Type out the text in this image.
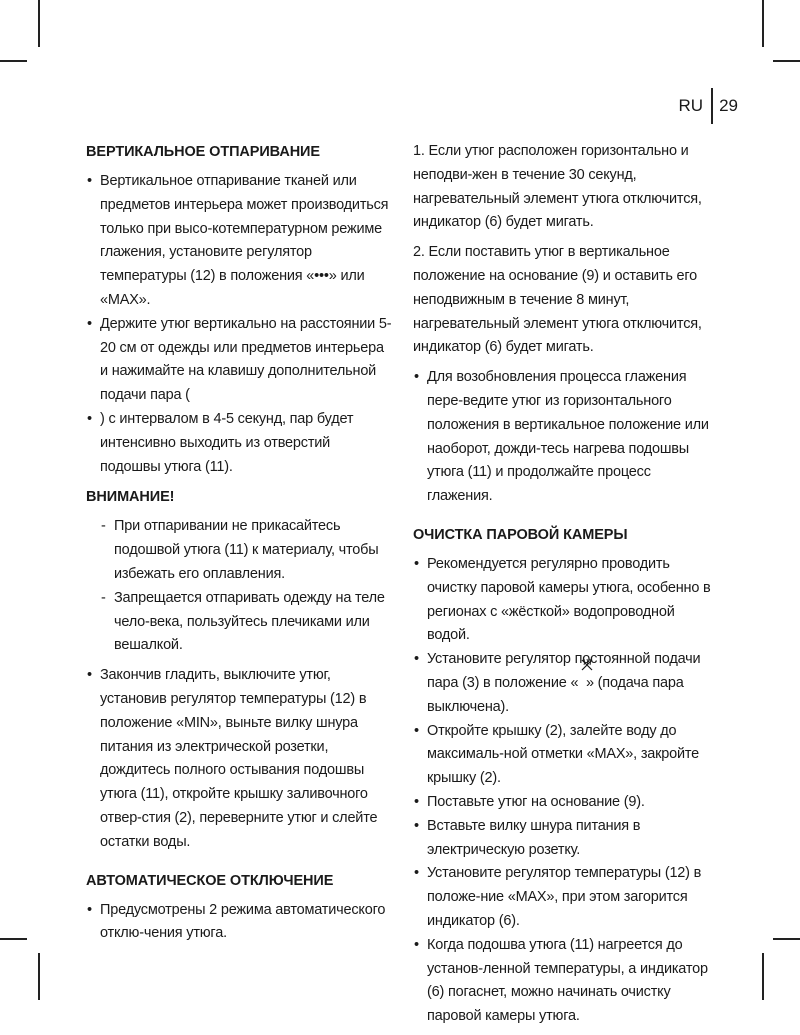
RU 29
ВЕРТИКАЛЬНОЕ ОТПАРИВАНИЕ
• Вертикальное отпаривание тканей или предметов интерьера может производиться только при высо-котемпературном режиме глажения, установите регулятор температуры (12) в положения «•••» или «MAX».
• Держите утюг вертикально на расстоянии 5-20 см от одежды или предметов интерьера и нажимайте на клавишу дополнительной подачи пара (
• ) с интервалом в 4-5 секунд, пар будет интенсивно выходить из отверстий подошвы утюга (11).
ВНИМАНИЕ!
- При отпаривании не прикасайтесь подошвой утюга (11) к материалу, чтобы избежать его оплавления.
- Запрещается отпаривать одежду на теле чело-века, пользуйтесь плечиками или вешалкой.
• Закончив гладить, выключите утюг, установив регулятор температуры (12) в положение «MIN», выньте вилку шнура питания из электрической розетки, дождитесь полного остывания подошвы утюга (11), откройте крышку заливочного отвер-стия (2), переверните утюг и слейте остатки воды.
АВТОМАТИЧЕСКОЕ ОТКЛЮЧЕНИЕ
• Предусмотрены 2 режима автоматического отклю-чения утюга.

1. Если утюг расположен горизонтально и неподви-жен в течение 30 секунд, нагревательный элемент утюга отключится, индикатор (6) будет мигать.

2. Если поставить утюг в вертикальное положение на основание (9) и оставить его неподвижным в течение 8 минут, нагревательный элемент утюга отключится, индикатор (6) будет мигать.

• Для возобновления процесса глажения пере-ведите утюг из горизонтального положения в вертикальное положение или наоборот, дожди-тесь нагрева подошвы утюга (11) и продолжайте процесс глажения.
ОЧИСТКА ПАРОВОЙ КАМЕРЫ
• Рекомендуется регулярно проводить очистку паровой камеры утюга, особенно в регионах с «жёсткой» водопроводной водой.
• Установите регулятор постоянной подачи пара (3) в положение « » (подача пара выключена).
• Откройте крышку (2), залейте воду до максималь-ной отметки «MAX», закройте крышку (2).
• Поставьте утюг на основание (9).
• Вставьте вилку шнура питания в электрическую розетку.
• Установите регулятор температуры (12) в положе-ние «MAX», при этом загорится индикатор (6).
• Когда подошва утюга (11) нагреется до установ-ленной температуры, а индикатор (6) погаснет, можно начинать очистку паровой камеры утюга.
